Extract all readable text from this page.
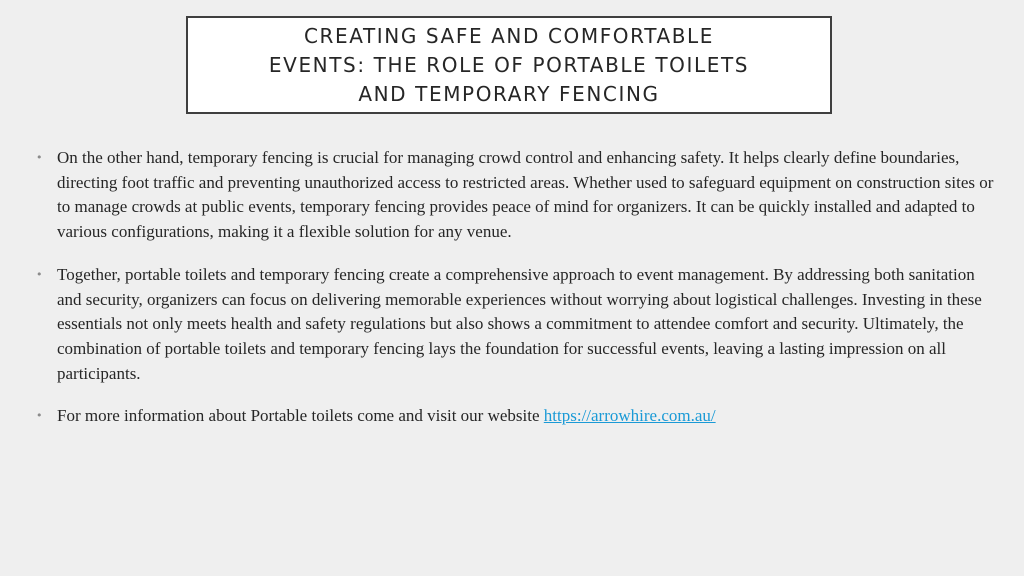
CREATING SAFE AND COMFORTABLE
EVENTS: THE ROLE OF PORTABLE TOILETS
AND TEMPORARY FENCING
• On the other hand, temporary fencing is crucial for managing crowd control and enhancing safety. It helps clearly define boundaries, directing foot traffic and preventing unauthorized access to restricted areas. Whether used to safeguard equipment on construction sites or to manage crowds at public events, temporary fencing provides peace of mind for organizers. It can be quickly installed and adapted to various configurations, making it a flexible solution for any venue.
• Together, portable toilets and temporary fencing create a comprehensive approach to event management. By addressing both sanitation and security, organizers can focus on delivering memorable experiences without worrying about logistical challenges. Investing in these essentials not only meets health and safety regulations but also shows a commitment to attendee comfort and security. Ultimately, the combination of portable toilets and temporary fencing lays the foundation for successful events, leaving a lasting impression on all participants.
• For more information about Portable toilets come and visit our website https://arrowhire.com.au/
